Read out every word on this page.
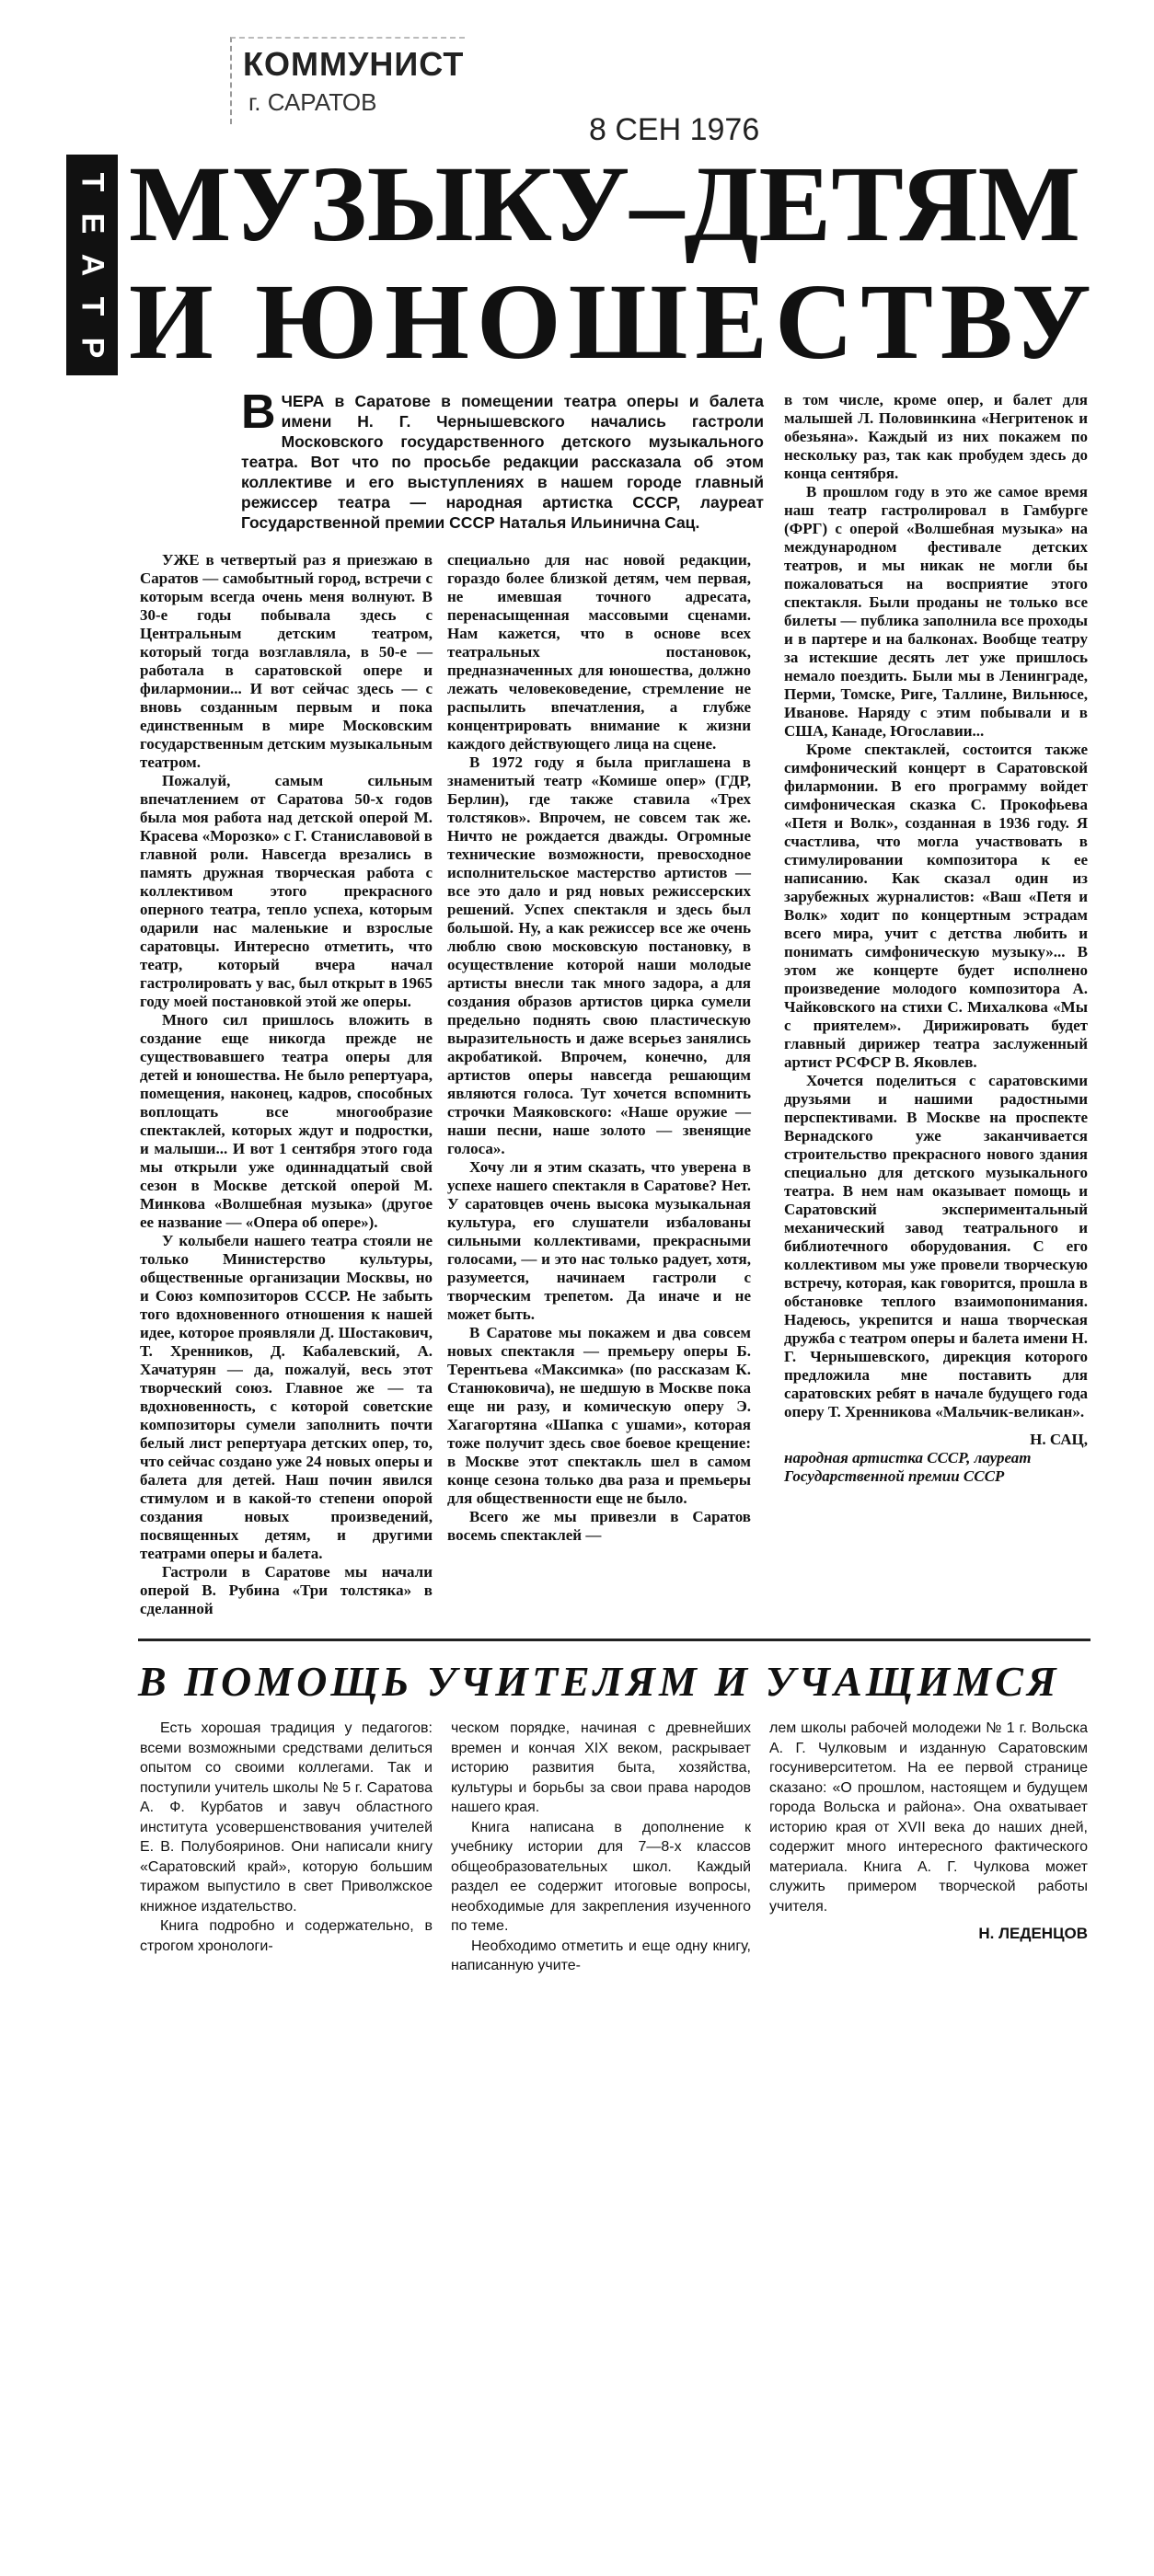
КОММУНИСТ
г. САРАТОВ
8 СЕН 1976
Т
Е
А
Т
Р
МУЗЫКУ–ДЕТЯМ
И ЮНОШЕСТВУ
В ЧЕРА в Саратове в помещении театра оперы и балета имени Н. Г. Чернышевского начались гастроли Московского государственного детского музыкального театра. Вот что по просьбе редакции рассказала об этом коллективе и его выступлениях в нашем городе главный режиссер театра — народная артистка СССР, лауреат Государственной премии СССР Наталья Ильинична Сац.

УЖЕ в четвертый раз я приезжаю в Саратов — самобытный город, встречи с которым всегда очень меня волнуют. В 30-е годы побывала здесь с Центральным детским театром, который тогда возглавляла, в 50-е — работала в саратовской опере и филармонии... И вот сейчас здесь — с вновь созданным первым и пока единственным в мире Московским государственным детским музыкальным театром.

Пожалуй, самым сильным впечатлением от Саратова 50-х годов была моя работа над детской оперой М. Красева «Морозко» с Г. Станиславовой в главной роли. Навсегда врезались в память дружная творческая работа с коллективом этого прекрасного оперного театра, тепло успеха, которым одарили нас маленькие и взрослые саратовцы. Интересно отметить, что театр, который вчера начал гастролировать у вас, был открыт в 1965 году моей постановкой этой же оперы.

Много сил пришлось вложить в создание еще никогда прежде не существовавшего театра оперы для детей и юношества. Не было репертуара, помещения, наконец, кадров, способных воплощать все многообразие спектаклей, которых ждут и подростки, и малыши... И вот 1 сентября этого года мы открыли уже одиннадцатый свой сезон в Москве детской оперой М. Минкова «Волшебная музыка» (другое ее название — «Опера об опере»).

У колыбели нашего театра стояли не только Министерство культуры, общественные организации Москвы, но и Союз композиторов СССР. Не забыть того вдохновенного отношения к нашей идее, которое проявляли Д. Шостакович, Т. Хренников, Д. Кабалевский, А. Хачатурян — да, пожалуй, весь этот творческий союз. Главное же — та вдохновенность, с которой советские композиторы сумели заполнить почти белый лист репертуара детских опер, то, что сейчас создано уже 24 новых оперы и балета для детей. Наш почин явился стимулом и в какой-то степени опорой создания новых произведений, посвященных детям, и другими театрами оперы и балета.

Гастроли в Саратове мы начали оперой В. Рубина «Три толстяка» в сделанной

специально для нас новой редакции, гораздо более близкой детям, чем первая, не имевшая точного адресата, перенасыщенная массовыми сценами. Нам кажется, что в основе всех театральных постановок, предназначенных для юношества, должно лежать человековедение, стремление не распылить впечатления, а глубже концентрировать внимание к жизни каждого действующего лица на сцене.

В 1972 году я была приглашена в знаменитый театр «Комише опер» (ГДР, Берлин), где также ставила «Трех толстяков». Впрочем, не совсем так же. Ничто не рождается дважды. Огромные технические возможности, превосходное исполнительское мастерство артистов — все это дало и ряд новых режиссерских решений. Успех спектакля и здесь был большой. Ну, а как режиссер все же очень люблю свою московскую постановку, в осуществление которой наши молодые артисты внесли так много задора, а для создания образов артистов цирка сумели предельно поднять свою пластическую выразительность и даже всерьез занялись акробатикой. Впрочем, конечно, для артистов оперы навсегда решающим являются голоса. Тут хочется вспомнить строчки Маяковского: «Наше оружие — наши песни, наше золото — звенящие голоса».

Хочу ли я этим сказать, что уверена в успехе нашего спектакля в Саратове? Нет. У саратовцев очень высока музыкальная культура, его слушатели избалованы сильными коллективами, прекрасными голосами, — и это нас только радует, хотя, разумеется, начинаем гастроли с творческим трепетом. Да иначе и не может быть.

В Саратове мы покажем и два совсем новых спектакля — премьеру оперы Б. Терентьева «Максимка» (по рассказам К. Станюковича), не шедшую в Москве пока еще ни разу, и комическую оперу Э. Хагагортяна «Шапка с ушами», которая тоже получит здесь свое боевое крещение: в Москве этот спектакль шел в самом конце сезона только два раза и премьеры для общественности еще не было.

Всего же мы привезли в Саратов восемь спектаклей —

в том числе, кроме опер, и балет для малышей Л. Половинкина «Негритенок и обезьяна». Каждый из них покажем по нескольку раз, так как пробудем здесь до конца сентября.

В прошлом году в это же самое время наш театр гастролировал в Гамбурге (ФРГ) с оперой «Волшебная музыка» на международном фестивале детских театров, и мы никак не могли бы пожаловаться на восприятие этого спектакля. Были проданы не только все билеты — публика заполнила все проходы и в партере и на балконах. Вообще театру за истекшие десять лет уже пришлось немало поездить. Были мы в Ленинграде, Перми, Томске, Риге, Таллине, Вильнюсе, Иванове. Наряду с этим побывали и в США, Канаде, Югославии...

Кроме спектаклей, состоится также симфонический концерт в Саратовской филармонии. В его программу войдет симфоническая сказка С. Прокофьева «Петя и Волк», созданная в 1936 году. Я счастлива, что могла участвовать в стимулировании композитора к ее написанию. Как сказал один из зарубежных журналистов: «Ваш «Петя и Волк» ходит по концертным эстрадам всего мира, учит с детства любить и понимать симфоническую музыку»... В этом же концерте будет исполнено произведение молодого композитора А. Чайковского на стихи С. Михалкова «Мы с приятелем». Дирижировать будет главный дирижер театра заслуженный артист РСФСР В. Яковлев.

Хочется поделиться с саратовскими друзьями и нашими радостными перспективами. В Москве на проспекте Вернадского уже заканчивается строительство прекрасного нового здания специально для детского музыкального театра. В нем нам оказывает помощь и Саратовский экспериментальный механический завод театрального и библиотечного оборудования. С его коллективом мы уже провели творческую встречу, которая, как говорится, прошла в обстановке теплого взаимопонимания. Надеюсь, укрепится и наша творческая дружба с театром оперы и балета имени Н. Г. Чернышевского, дирекция которого предложила мне поставить для саратовских ребят в начале будущего года оперу Т. Хренникова «Мальчик-великан».

Н. САЦ,
народная артистка СССР, лауреат Государственной премии СССР
В ПОМОЩЬ УЧИТЕЛЯМ И УЧАЩИМСЯ

Есть хорошая традиция у педагогов: всеми возможными средствами делиться опытом со своими коллегами. Так и поступили учитель школы № 5 г. Саратова А. Ф. Курбатов и завуч областного института усовершенствования учителей Е. В. Полубояринов. Они написали книгу «Саратовский край», которую большим тиражом выпустило в свет Приволжское книжное издательство.

Книга подробно и содержательно, в строгом хронологи-

ческом порядке, начиная с древнейших времен и кончая XIX веком, раскрывает историю развития быта, хозяйства, культуры и борьбы за свои права народов нашего края.

Книга написана в дополнение к учебнику истории для 7—8-х классов общеобразовательных школ. Каждый раздел ее содержит итоговые вопросы, необходимые для закрепления изученного по теме.

Необходимо отметить и еще одну книгу, написанную учите-

лем школы рабочей молодежи № 1 г. Вольска А. Г. Чулковым и изданную Саратовским госуниверситетом. На ее первой странице сказано: «О прошлом, настоящем и будущем города Вольска и района». Она охватывает историю края от XVII века до наших дней, содержит много интересного фактического материала. Книга А. Г. Чулкова может служить примером творческой работы учителя.

Н. ЛЕДЕНЦОВ
